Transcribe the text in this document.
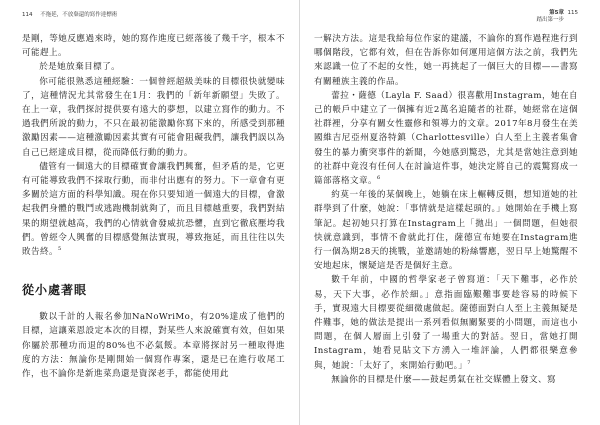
114 不拖延，不放棄還的寫作達標術

是剛，等她反應過來時，她的寫作進度已經落後了幾千字，根本不可能趕上。

於是她放棄目標了。

你可能很熟悉這種經驗：一個曾經超級美味的目標很快就變味了，這種情況尤其常發生在1月：我們的「新年新願望」失敗了。在上一章，我們探討提供要有遠大的夢想，以建立寫作的動力。不過我們所說的動力，不只在最初能激勵你寫下來的，所感受到那種激勵因素——這種激勵因素其實有可能會阻礙我們，讓我們誤以為自己已經達成目標，從而降低行動的動力。

儘管有一個遠大的目標確實會讓我們興奮，但矛盾的是，它更有可能導致我們不採取行動，而非付出應有的努力。下一章會有更多關於這方面的科學知識。現在你只要知道一個遠大的目標，會激起我們身體的戰鬥或逃跑機制就夠了，而且目標越重要，我們對結果的期望就越高，我們的心情就會發威抗恐懼，直到它徹底壓垮我們。曾經令人興奮的目標感覺無法實現，導致拖延，而且往往以失敗告終。$^5$

從小處著眼

數以千計的人報名參加NaNoWriMo，有20%達成了他們的目標，這讓萊恩設定本次的目標，對某些人來說確實有效，但如果你屬於那種功而退的80%也不必氣餒。本章將探討另一種取得進度的方法：無論你是剛開始一個寫作專案，還是已在進行收尾工作，也不論你是新進菜鳥還是資深老手，都能使用此

第5章
踏出第一步
115

一解決方法。這是我給每位作家的建議，不論你的寫作過程進行到哪個階段，它都有效，但在告訴你如何運用這個方法之前，我們先來認識一位了不起的女性，她一再挑起了一個巨大的目標——書寫有關種族主義的作品。

蕾拉・薩德（Layla F. Saad）很喜歡用Instagram，她在自己的帳戶中建立了一個擁有近2萬名追隨者的社群，她經常在這個社群裡，分享有關女性靈修和領導力的文章。2017年8月發生在美國維吉尼亞州夏洛特鎮（Charlottesville）白人至上主義者集會發生的暴力衝突事件的新聞，今她感到驚恐，尤其是當她注意到她的社群中竟沒有任何人在討論這件事，她決定將自己的震驚寫成一篇部落格文章。$^6$

約莫一年後的某個晚上，她躺在床上輾轉反側，想知道她的社群學到了什麼，她說：「事情就是這樣起頭的。」她開始在手機上寫筆記。起初她只打算在Instagram上「拋出」一個問題，但她很快就意識到，事情不會就此打住，薩德宣布她要在Instagram進行一個為期28天的挑戰，並邀請她的粉絲響應，翌日早上她驚醒不安地起床，懷疑這是否是個好主意。

數千年前，中國的哲學家老子曾寫道：「天下難事，必作於易，天下大事，必作於細。」意指面臨艱難事要趁容易的時候下手，實現遠大目標要從細微處做起。薩德面對白人至上主義無疑是件難事，她的做法是提出一系列看似無關緊要的小問題，而這也小問題，在個人層面上引發了一場重大的對話。翌日，當她打開Instagram，她看見貼文下方湧入一堆評論，人們都很樂意參與，她說：「太好了，來開始行動吧。」$^7$

無論你的目標是什麼——鼓起勇氣在社交媒體上發文、寫
